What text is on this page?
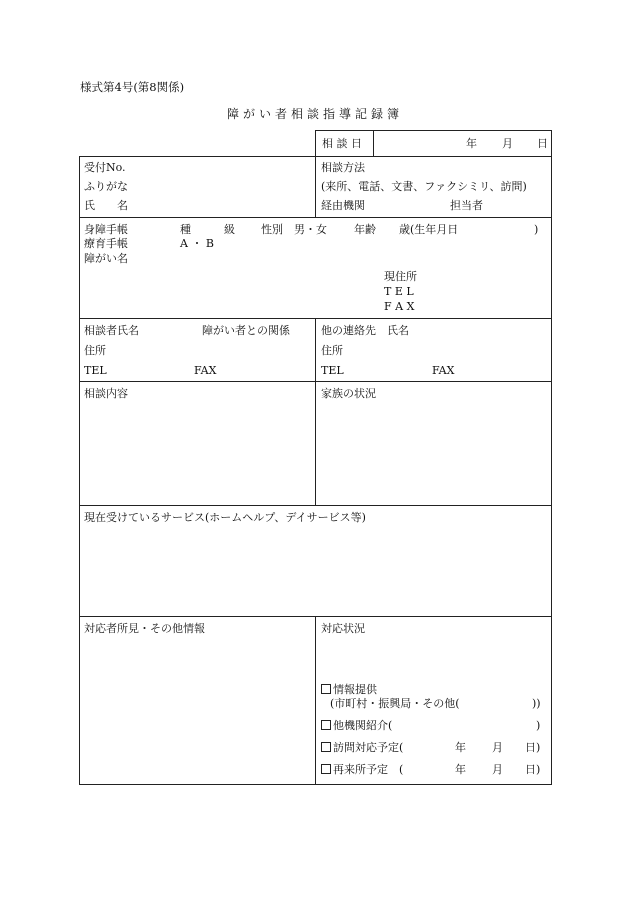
様式第4号(第8関係)
障がい者相談指導記録簿
相 談 日	年 月 日
受付No.
ふりがな
氏　　名
相談方法
(来所、電話、文書、ファクシミリ、訪問)
経由機関	担当者
身障手帳	種	級 性別　男・女 年齢 歳(生年月日	)
療育手帳	A ・ B
障がい名
現住所
T E L
F A X
相談者氏名	障がい者との関係
住所
TEL	FAX
他の連絡先　氏名
住所
TEL	FAX
相談内容	家族の状況
現在受けているサービス(ホームヘルプ、デイサービス等)
対応者所見・その他情報	対応状況
情報提供
(市町村・振興局・その他(	))
他機関紹介(	)
訪問対応予定(	年 月 日)
再来所予定　(	年 月 日)
